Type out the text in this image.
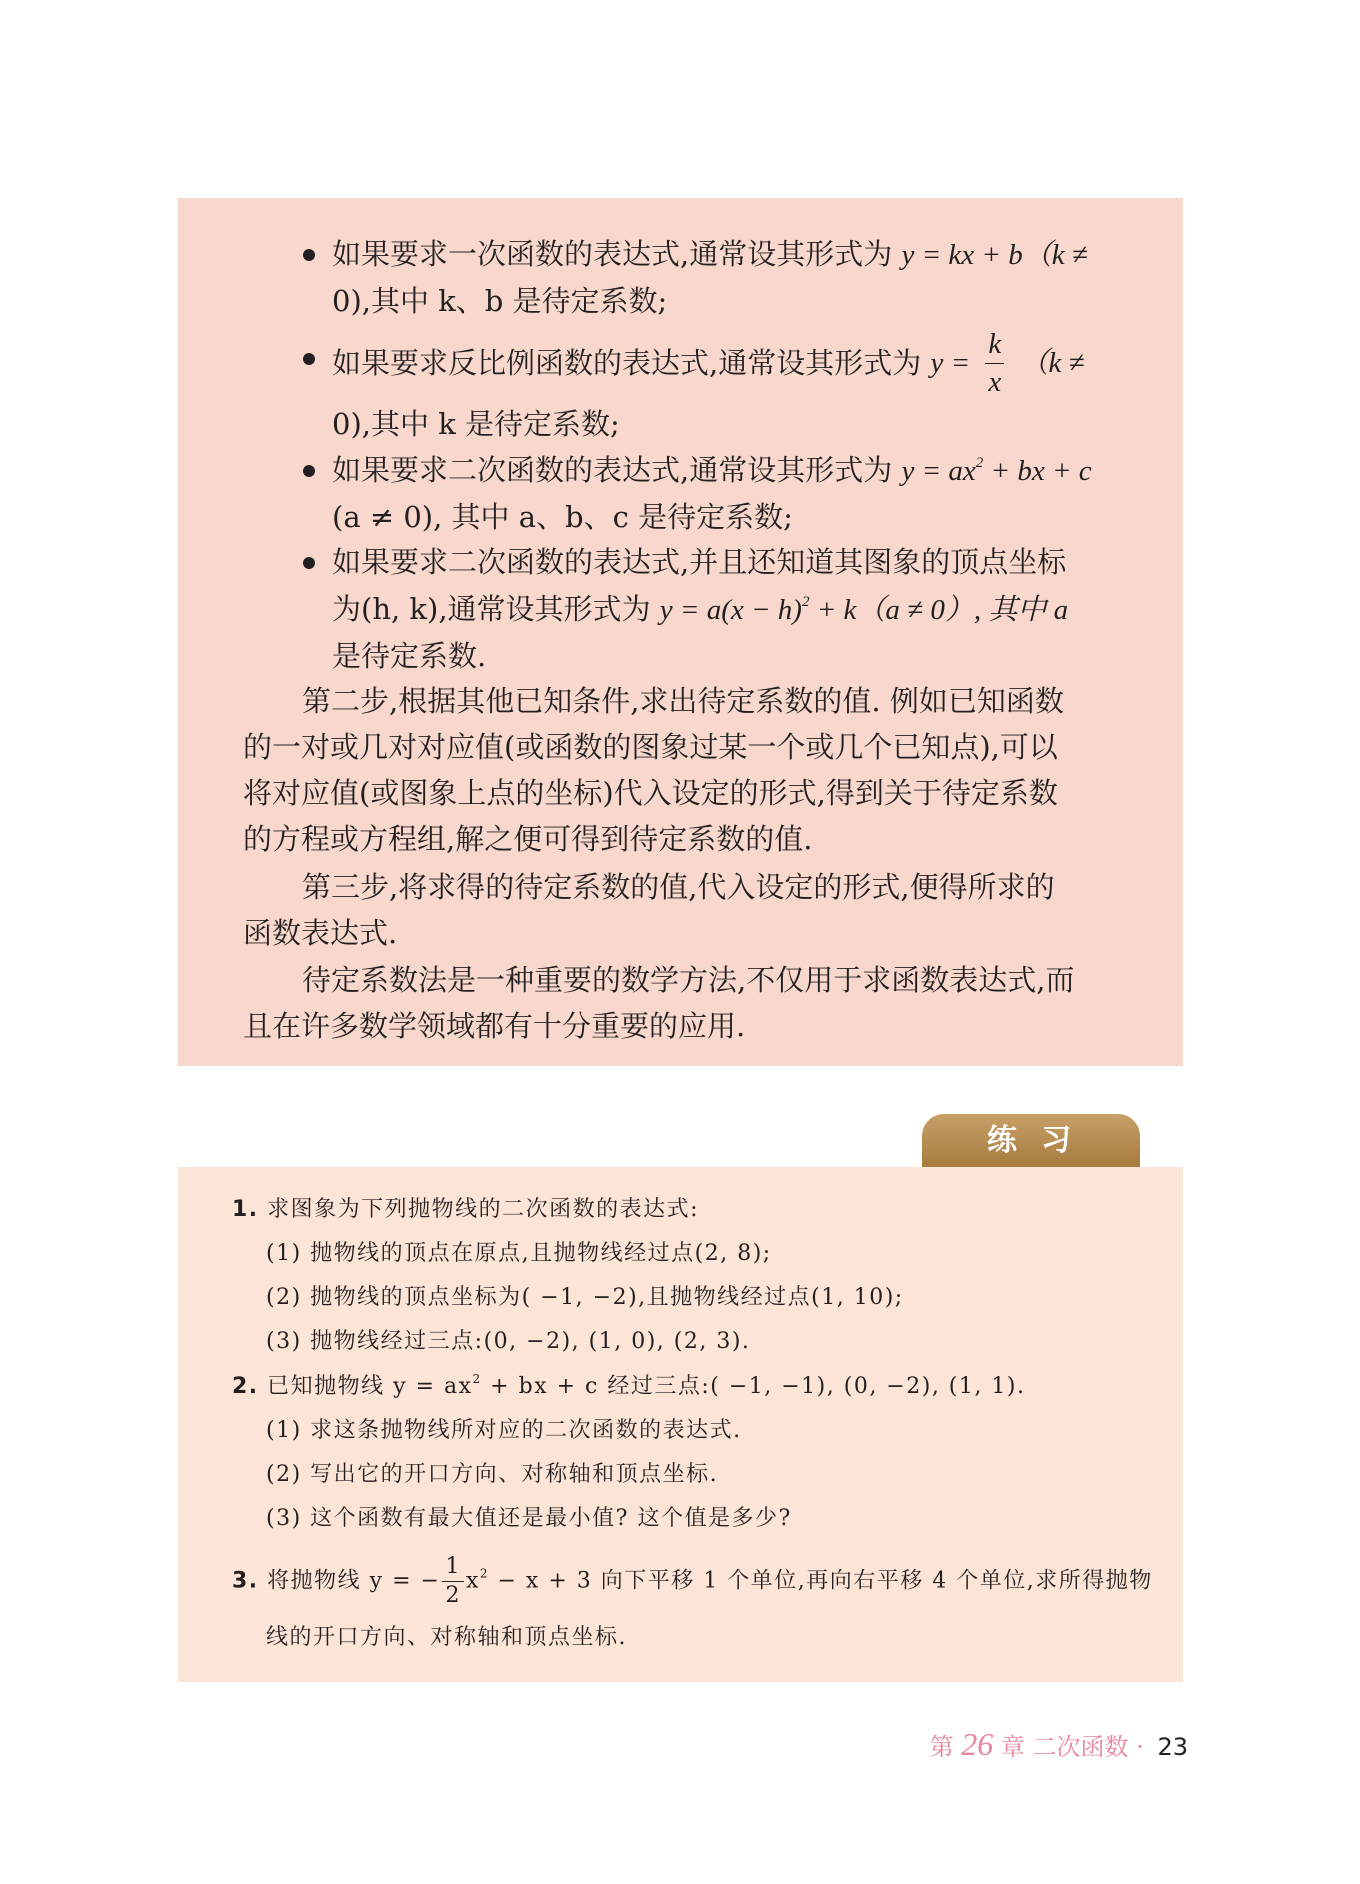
如果要求一次函数的表达式,通常设其形式为 y = kx + b（k ≠
0),其中 k、b 是待定系数;
如果要求反比例函数的表达式,通常设其形式为 $y = \frac{k}{x} (k$ ≠
0),其中 k 是待定系数;
如果要求二次函数的表达式,通常设其形式为 $y = ax^2$ + bx + c
(a ≠ 0), 其中 a、b、c 是待定系数;
如果要求二次函数的表达式,并且还知道其图象的顶点坐标
为(h, k),通常设其形式为 $y = a(x - h)^2 + k(a \ne 0)$, 其中 a
是待定系数.
第二步,根据其他已知条件,求出待定系数的值. 例如已知函数
的一对或几对对应值(或函数的图象过某一个或几个已知点),可以
将对应值(或图象上点的坐标)代入设定的形式,得到关于待定系数
的方程或方程组,解之便可得到待定系数的值.
第三步,将求得的待定系数的值,代入设定的形式,便得所求的
函数表达式.
待定系数法是一种重要的数学方法,不仅用于求函数表达式,而
且在许多数学领域都有十分重要的应用.
练习
1. 求图象为下列抛物线的二次函数的表达式:
(1) 抛物线的顶点在原点,且抛物线经过点(2, 8);
(2) 抛物线的顶点坐标为( −1, −2),且抛物线经过点(1, 10);
(3) 抛物线经过三点:(0, −2), (1, 0), (2, 3).
2. 已知抛物线 $y = ax^2$ + bx + c 经过三点:( −1, −1), (0, −2), (1, 1).
(1) 求这条抛物线所对应的二次函数的表达式.
(2) 写出它的开口方向、对称轴和顶点坐标.
(3) 这个函数有最大值还是最小值? 这个值是多少?
3. 将抛物线 y = − $\frac{1}{2} x^2 - x + 3$ 向下平移 1 个单位,再向右平移 4 个单位,求所得抛物
线的开口方向、对称轴和顶点坐标.
第 26 章 二次函数 · 23
